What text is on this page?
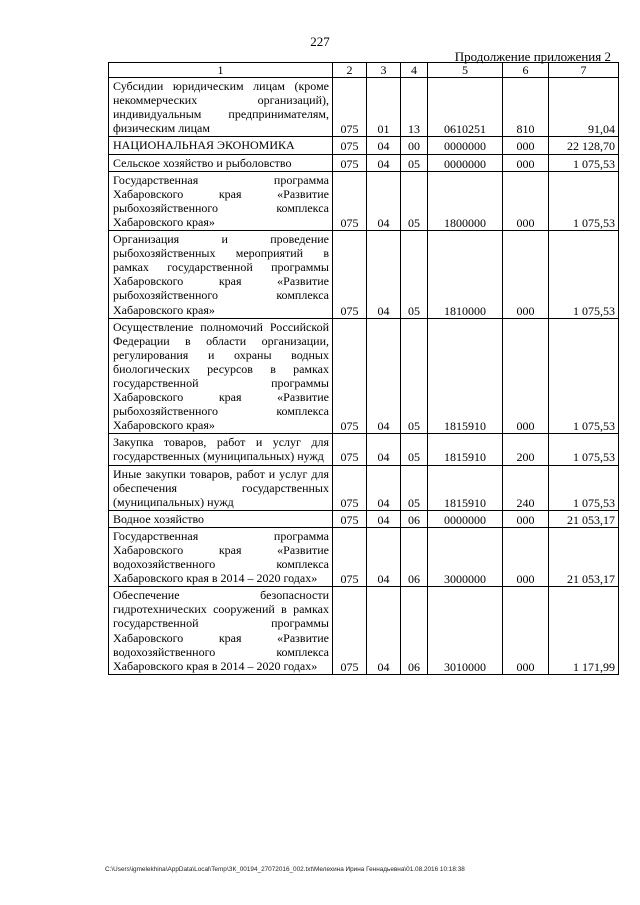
227
Продолжение приложения 2
1	2	3	4	5	6	7
Субсидии юридическим лицам (кроме некоммерческих организаций), индивидуальным предпринимателям, физическим лицам	075	01	13	0610251	810	91,04
НАЦИОНАЛЬНАЯ ЭКОНОМИКА	075	04	00	0000000	000	22 128,70
Сельское хозяйство и рыболовство	075	04	05	0000000	000	1 075,53
Государственная программа Хабаровского края «Развитие рыбохозяйственного комплекса Хабаровского края»	075	04	05	1800000	000	1 075,53
Организация и проведение рыбохозяйственных мероприятий в рамках государственной программы Хабаровского края «Развитие рыбохозяйственного комплекса Хабаровского края»	075	04	05	1810000	000	1 075,53
Осуществление полномочий Российской Федерации в области организации, регулирования и охраны водных биологических ресурсов в рамках государственной программы Хабаровского края «Развитие рыбохозяйственного комплекса Хабаровского края»	075	04	05	1815910	000	1 075,53
Закупка товаров, работ и услуг для государственных (муниципальных) нужд	075	04	05	1815910	200	1 075,53
Иные закупки товаров, работ и услуг для обеспечения государственных (муниципальных) нужд	075	04	05	1815910	240	1 075,53
Водное хозяйство	075	04	06	0000000	000	21 053,17
Государственная программа Хабаровского края «Развитие водохозяйственного комплекса Хабаровского края в 2014 – 2020 годах»	075	04	06	3000000	000	21 053,17
Обеспечение безопасности гидротехнических сооружений в рамках государственной программы Хабаровского края «Развитие водохозяйственного комплекса Хабаровского края в 2014 – 2020 годах»	075	04	06	3010000	000	1 171,99
C:\Users\igmelekhina\AppData\Local\Temp\ЗК_00194_27072016_002.txt\Мелехина Ирина Геннадьевна\01.08.2016 10:18:38
